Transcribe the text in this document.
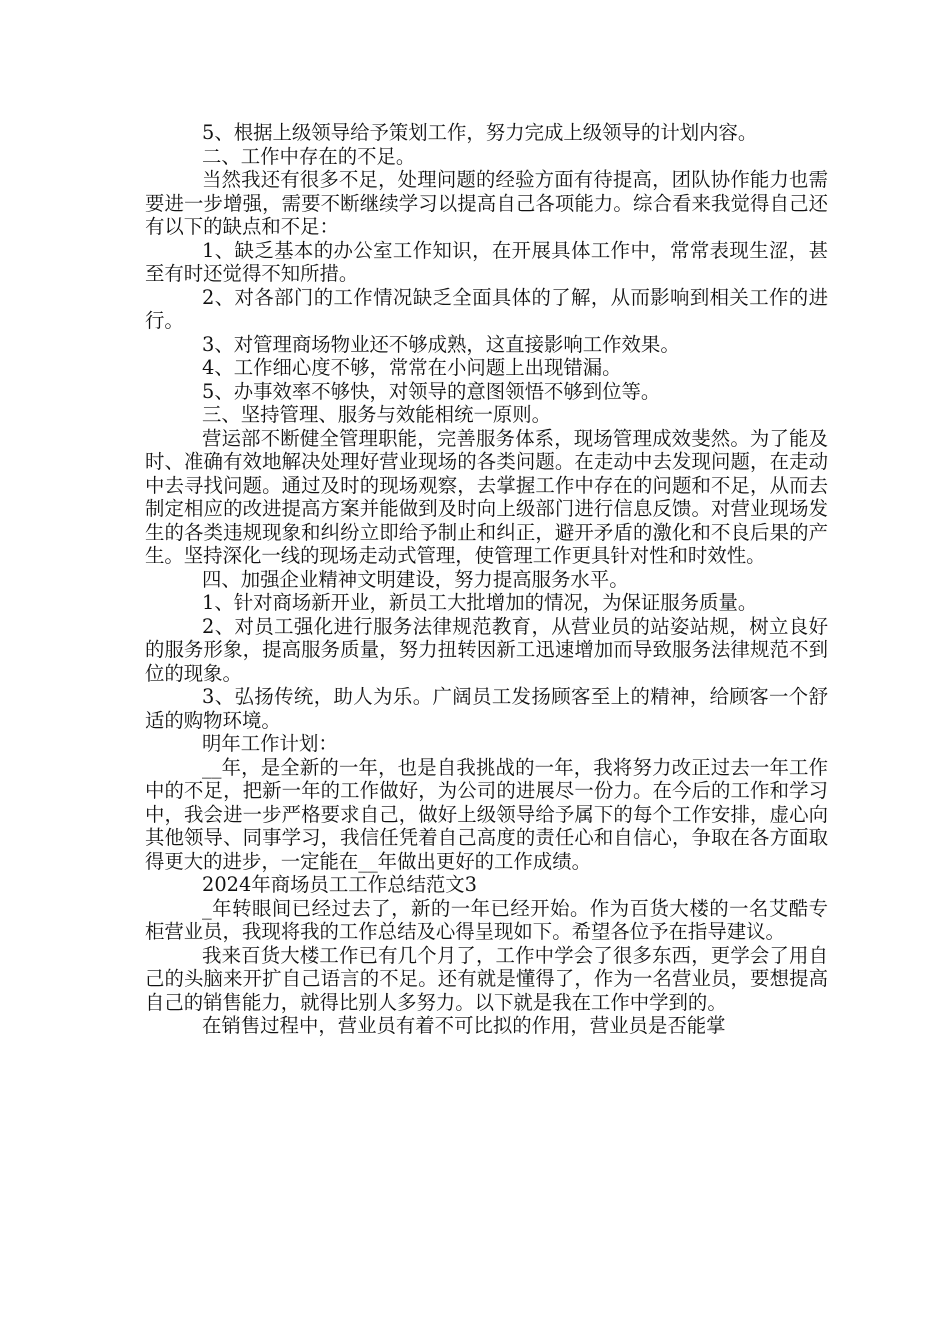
5、根据上级领导给予策划工作，努力完成上级领导的计划内容。

二、工作中存在的不足。

当然我还有很多不足，处理问题的经验方面有待提高，团队协作能力也需要进一步增强，需要不断继续学习以提高自己各项能力。综合看来我觉得自己还有以下的缺点和不足：

1、缺乏基本的办公室工作知识，在开展具体工作中，常常表现生涩，甚至有时还觉得不知所措。

2、对各部门的工作情况缺乏全面具体的了解，从而影响到相关工作的进行。

3、对管理商场物业还不够成熟，这直接影响工作效果。

4、工作细心度不够，常常在小问题上出现错漏。

5、办事效率不够快，对领导的意图领悟不够到位等。

三、坚持管理、服务与效能相统一原则。

营运部不断健全管理职能，完善服务体系，现场管理成效斐然。为了能及时、准确有效地解决处理好营业现场的各类问题。在走动中去发现问题，在走动中去寻找问题。通过及时的现场观察，去掌握工作中存在的问题和不足，从而去制定相应的改进提高方案并能做到及时向上级部门进行信息反馈。对营业现场发生的各类违规现象和纠纷立即给予制止和纠正，避开矛盾的激化和不良后果的产生。坚持深化一线的现场走动式管理，使管理工作更具针对性和时效性。

四、加强企业精神文明建设，努力提高服务水平。

1、针对商场新开业，新员工大批增加的情况，为保证服务质量。

2、对员工强化进行服务法律规范教育，从营业员的站姿站规，树立良好的服务形象，提高服务质量，努力扭转因新工迅速增加而导致服务法律规范不到位的现象。

3、弘扬传统，助人为乐。广阔员工发扬顾客至上的精神，给顾客一个舒适的购物环境。

明年工作计划：

__年，是全新的一年，也是自我挑战的一年，我将努力改正过去一年工作中的不足，把新一年的工作做好，为公司的进展尽一份力。在今后的工作和学习中，我会进一步严格要求自己，做好上级领导给予属下的每个工作安排，虚心向其他领导、同事学习，我信任凭着自己高度的责任心和自信心，争取在各方面取得更大的进步，一定能在__年做出更好的工作成绩。

2024年商场员工工作总结范文3

_年转眼间已经过去了，新的一年已经开始。作为百货大楼的一名艾酷专柜营业员，我现将我的工作总结及心得呈现如下。希望各位予在指导建议。

我来百货大楼工作已有几个月了，工作中学会了很多东西，更学会了用自己的头脑来开扩自己语言的不足。还有就是懂得了，作为一名营业员，要想提高自己的销售能力，就得比别人多努力。以下就是我在工作中学到的。

在销售过程中，营业员有着不可比拟的作用，营业员是否能掌
